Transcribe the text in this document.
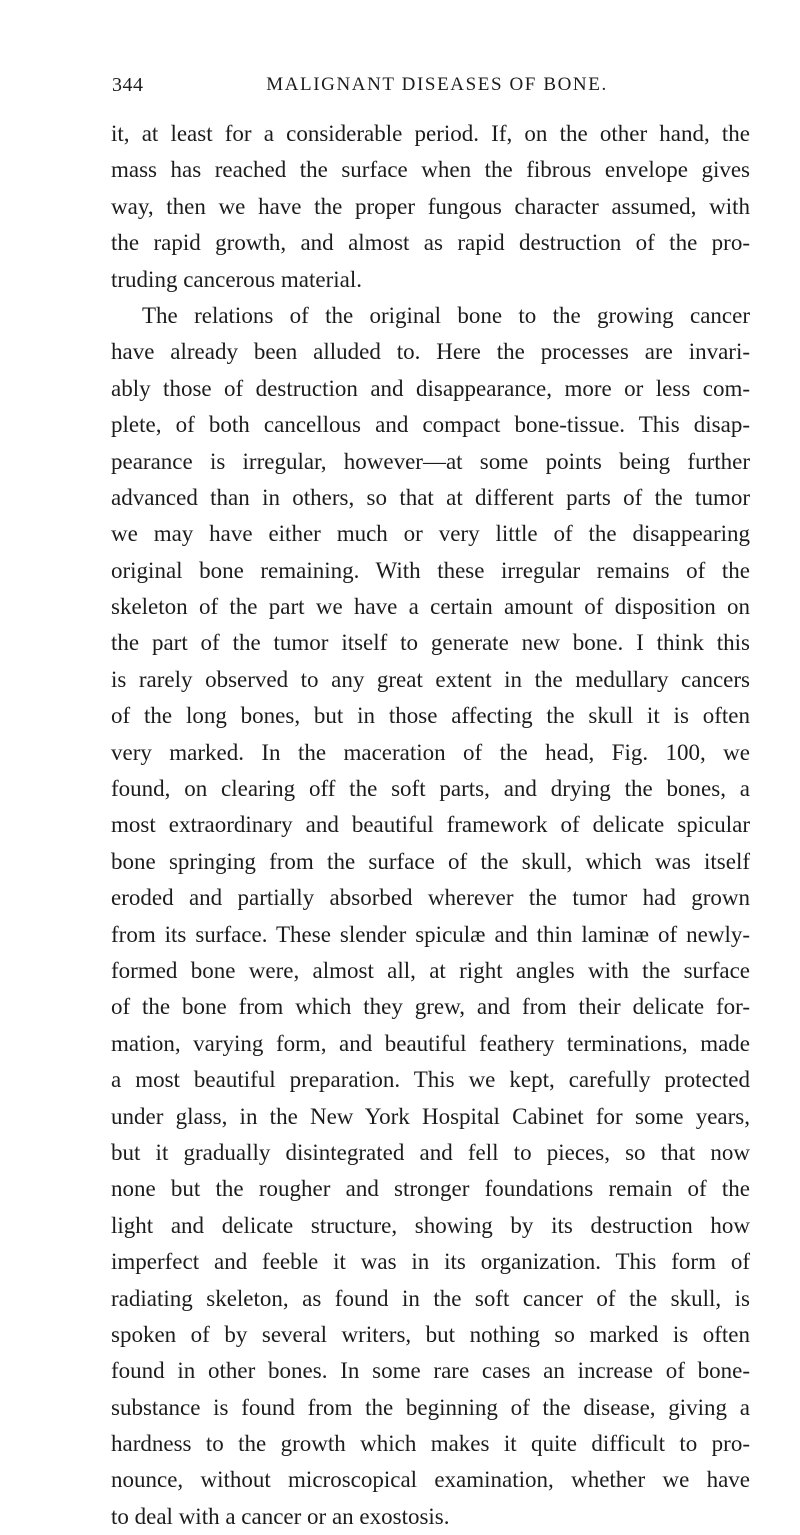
344	MALIGNANT DISEASES OF BONE.
it, at least for a considerable period. If, on the other hand, the
mass has reached the surface when the fibrous envelope gives
way, then we have the proper fungous character assumed, with
the rapid growth, and almost as rapid destruction of the pro-
truding cancerous material.
The relations of the original bone to the growing cancer
have already been alluded to. Here the processes are invari-
ably those of destruction and disappearance, more or less com-
plete, of both cancellous and compact bone-tissue. This disap-
pearance is irregular, however—at some points being further
advanced than in others, so that at different parts of the tumor
we may have either much or very little of the disappearing
original bone remaining. With these irregular remains of the
skeleton of the part we have a certain amount of disposition on
the part of the tumor itself to generate new bone. I think this
is rarely observed to any great extent in the medullary cancers
of the long bones, but in those affecting the skull it is often
very marked. In the maceration of the head, Fig. 100, we
found, on clearing off the soft parts, and drying the bones, a
most extraordinary and beautiful framework of delicate spicular
bone springing from the surface of the skull, which was itself
eroded and partially absorbed wherever the tumor had grown
from its surface. These slender spiculæ and thin laminæ of newly-
formed bone were, almost all, at right angles with the surface
of the bone from which they grew, and from their delicate for-
mation, varying form, and beautiful feathery terminations, made
a most beautiful preparation. This we kept, carefully protected
under glass, in the New York Hospital Cabinet for some years,
but it gradually disintegrated and fell to pieces, so that now
none but the rougher and stronger foundations remain of the
light and delicate structure, showing by its destruction how
imperfect and feeble it was in its organization. This form of
radiating skeleton, as found in the soft cancer of the skull, is
spoken of by several writers, but nothing so marked is often
found in other bones. In some rare cases an increase of bone-
substance is found from the beginning of the disease, giving a
hardness to the growth which makes it quite difficult to pro-
nounce, without microscopical examination, whether we have
to deal with a cancer or an exostosis.
